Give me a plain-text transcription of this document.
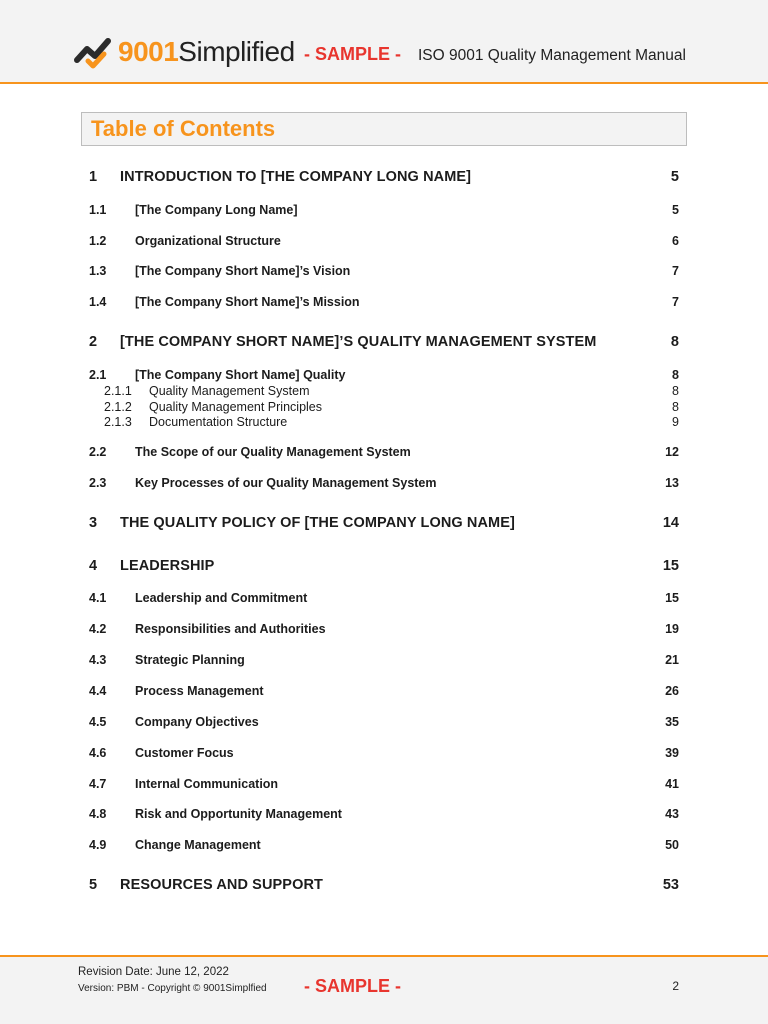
9001Simplified - SAMPLE - ISO 9001 Quality Management Manual
Table of Contents
1 INTRODUCTION TO [THE COMPANY LONG NAME]	5
1.1 [The Company Long Name]	5
1.2 Organizational Structure	6
1.3 [The Company Short Name]’s Vision	7
1.4 [The Company Short Name]’s Mission	7
2 [THE COMPANY SHORT NAME]’S QUALITY MANAGEMENT SYSTEM	8
2.1 [The Company Short Name] Quality	8
2.1.1 Quality Management System	8
2.1.2 Quality Management Principles	8
2.1.3 Documentation Structure	9
2.2 The Scope of our Quality Management System	12
2.3 Key Processes of our Quality Management System	13
3 THE QUALITY POLICY OF [THE COMPANY LONG NAME]	14
4 LEADERSHIP	15
4.1 Leadership and Commitment	15
4.2 Responsibilities and Authorities	19
4.3 Strategic Planning	21
4.4 Process Management	26
4.5 Company Objectives	35
4.6 Customer Focus	39
4.7 Internal Communication	41
4.8 Risk and Opportunity Management	43
4.9 Change Management	50
5 RESOURCES AND SUPPORT	53
Revision Date: June 12, 2022
Version: PBM - Copyright © 9001Simplfied - SAMPLE -	2
